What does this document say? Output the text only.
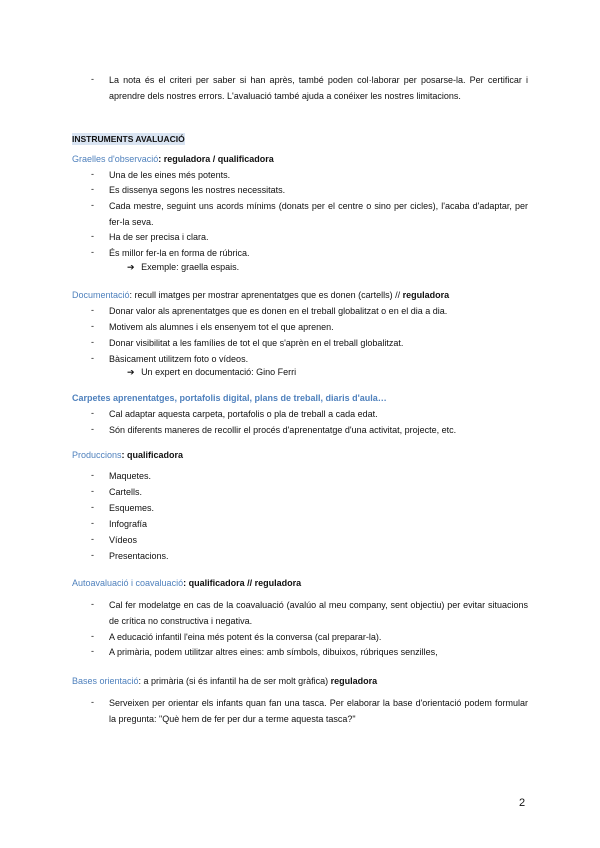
- La nota és el criteri per saber si han après, també poden col·laborar per posarse-la. Per certificar i aprendre dels nostres errors. L'avaluació també ajuda a conéixer les nostres limitacions.
INSTRUMENTS AVALUACIÓ
Graelles d'observació: reguladora / qualificadora
- Una de les eines més potents.
- Es dissenya segons les nostres necessitats.
- Cada mestre, seguint uns acords mínims (donats per el centre o sino per cicles), l'acaba d'adaptar, per fer-la seva.
- Ha de ser precisa i clara.
- És millor fer-la en forma de rúbrica.
➔ Exemple: graella espais.
Documentació: recull imatges per mostrar aprenentatges que es donen (cartells) // reguladora
- Donar valor als aprenentatges que es donen en el treball globalitzat o en el dia a dia.
- Motivem als alumnes i els ensenyem tot el que aprenen.
- Donar visibilitat a les famílies de tot el que s'aprèn en el treball globalitzat.
- Bàsicament utilitzem foto o vídeos.
➔ Un expert en documentació: Gino Ferri
Carpetes aprenentatges, portafolis digital, plans de treball, diaris d'aula…
- Cal adaptar aquesta carpeta, portafolis o pla de treball a cada edat.
- Són diferents maneres de recollir el procés d'aprenentatge d'una activitat, projecte, etc.
Produccions: qualificadora
- Maquetes.
- Cartells.
- Esquemes.
- Infografía
- Vídeos
- Presentacions.
Autoavaluació i coavaluació: qualificadora // reguladora
- Cal fer modelatge en cas de la coavaluació (avalúo al meu company, sent objectiu) per evitar situacions de crítica no constructiva i negativa.
- A educació infantil l'eina més potent és la conversa (cal preparar-la).
- A primària, podem utilitzar altres eines: amb símbols, dibuixos, rúbriques senzilles,
Bases orientació: a primària (si és infantil ha de ser molt gràfica) reguladora
- Serveixen per orientar els infants quan fan una tasca. Per elaborar la base d'orientació podem formular la pregunta: "Què hem de fer per dur a terme aquesta tasca?"
2
